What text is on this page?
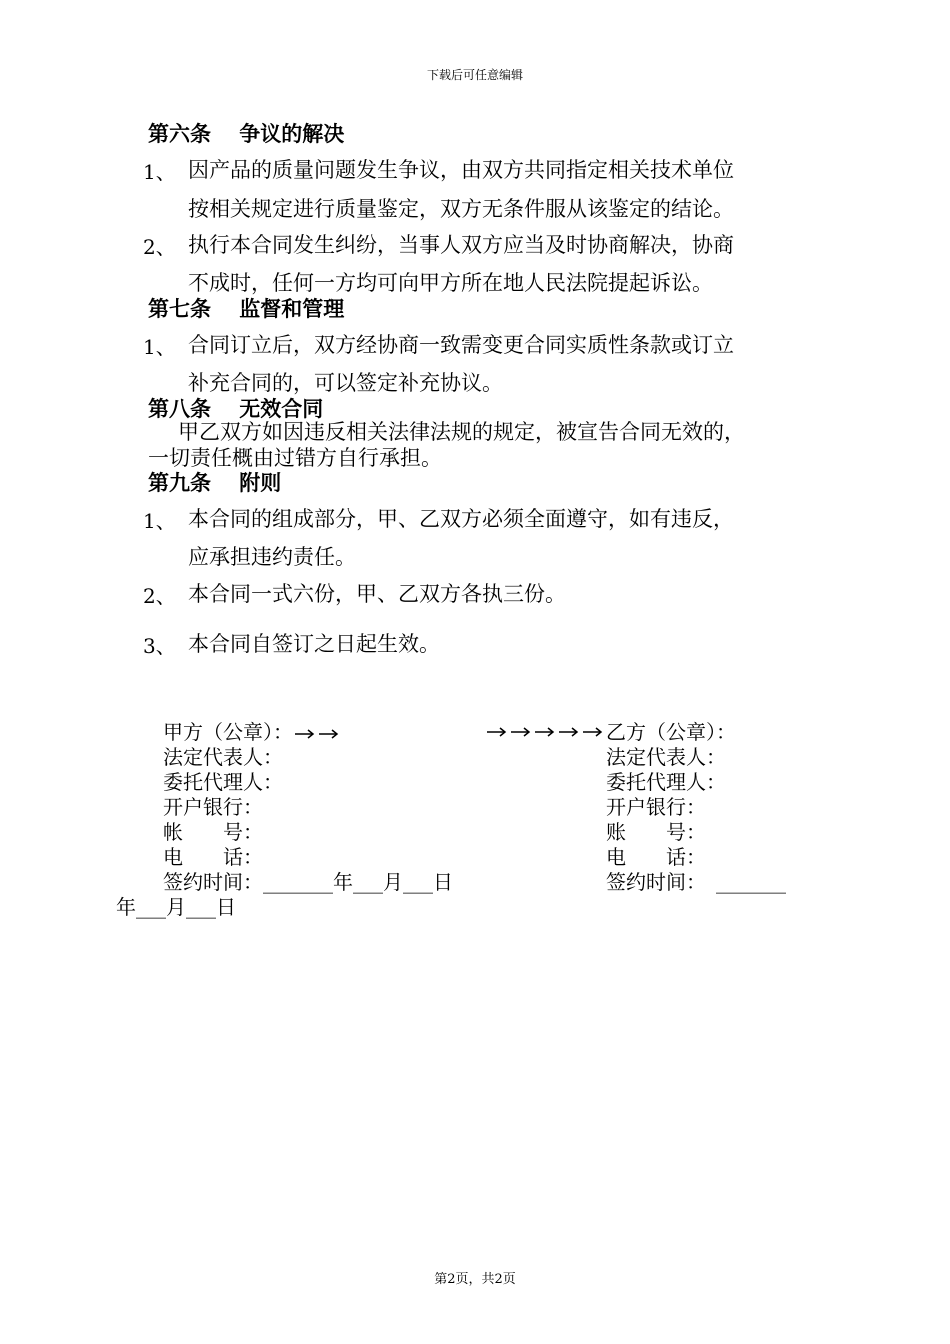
下载后可任意编辑
第六条　 争议的解决
1、 因产品的质量问题发生争议，由双方共同指定相关技术单位
按相关规定进行质量鉴定，双方无条件服从该鉴定的结论。
2、 执行本合同发生纠纷，当事人双方应当及时协商解决，协商
不成时，任何一方均可向甲方所在地人民法院提起诉讼。
第七条　 监督和管理
1、 合同订立后，双方经协商一致需变更合同实质性条款或订立
补充合同的，可以签定补充协议。
第八条　 无效合同
甲乙双方如因违反相关法律法规的规定，被宣告合同无效的，
一切责任概由过错方自行承担。
第九条　 附则
1、 本合同的组成部分，甲、乙双方必须全面遵守，如有违反，
应承担违约责任。
2、 本合同一式六份，甲、乙双方各执三份。
3、 本合同自签订之日起生效。
甲方（公章）：
法定代表人：
委托代理人：
开户银行：
帐　　号：
电　　话：
签约时间：_______年___月___日
乙方（公章）：
法定代表人：
委托代理人：
开户银行：
账　　号：
电　　话：
签约时间：　_______
年___月___日
第2页，共2页
